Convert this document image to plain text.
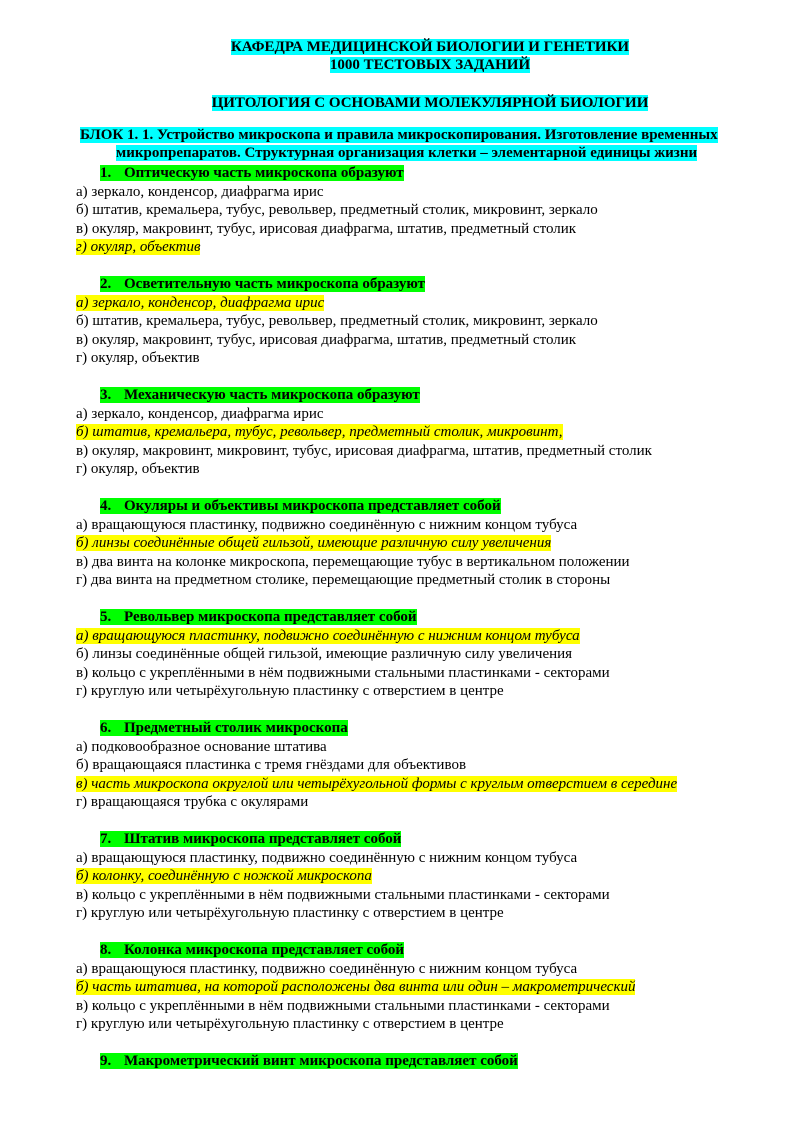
КАФЕДРА МЕДИЦИНСКОЙ БИОЛОГИИ И ГЕНЕТИКИ
1000 ТЕСТОВЫХ ЗАДАНИЙ
ЦИТОЛОГИЯ С ОСНОВАМИ МОЛЕКУЛЯРНОЙ БИОЛОГИИ
БЛОК 1. 1. Устройство микроскопа и правила микроскопирования. Изготовление временных
микропрепаратов. Структурная организация клетки – элементарной единицы жизни
1. Оптическую часть микроскопа образуют
а) зеркало, конденсор, диафрагма ирис
б) штатив, кремальера, тубус, револьвер, предметный столик, микровинт, зеркало
в) окуляр, макровинт, тубус, ирисовая диафрагма, штатив, предметный столик
г) окуляр, объектив
2. Осветительную часть микроскопа образуют
а) зеркало, конденсор, диафрагма ирис
б) штатив, кремальера, тубус, револьвер, предметный столик, микровинт, зеркало
в) окуляр, макровинт, тубус, ирисовая диафрагма, штатив, предметный столик
г) окуляр, объектив
3. Механическую часть микроскопа образуют
а) зеркало, конденсор, диафрагма ирис
б) штатив, кремальера, тубус, револьвер, предметный столик, микровинт,
в) окуляр, макровинт, микровинт, тубус, ирисовая диафрагма, штатив, предметный столик
г) окуляр, объектив
4. Окуляры и объективы микроскопа представляет собой
а) вращающуюся пластинку, подвижно соединённую с нижним концом тубуса
б) линзы соединённые общей гильзой, имеющие различную силу увеличения
в) два винта на колонке микроскопа, перемещающие тубус в вертикальном положении
г) два винта на предметном столике, перемещающие предметный столик в стороны
5. Револьвер микроскопа представляет собой
а) вращающуюся пластинку, подвижно соединённую с нижним концом тубуса
б) линзы соединённые общей гильзой, имеющие различную силу увеличения
в) кольцо с укреплёнными в нём подвижными стальными пластинками - секторами
г) круглую или четырёхугольную пластинку с отверстием в центре
6. Предметный столик микроскопа
а) подковообразное основание штатива
б) вращающаяся пластинка с тремя гнёздами для объективов
в) часть микроскопа округлой или четырёхугольной формы с круглым отверстием в середине
г) вращающаяся трубка с окулярами
7. Штатив микроскопа представляет собой
а) вращающуюся пластинку, подвижно соединённую с нижним концом тубуса
б) колонку, соединённую с ножкой микроскопа
в) кольцо с укреплёнными в нём подвижными стальными пластинками - секторами
г) круглую или четырёхугольную пластинку с отверстием в центре
8. Колонка микроскопа представляет собой
а) вращающуюся пластинку, подвижно соединённую с нижним концом тубуса
б) часть штатива, на которой расположены два винта или один – макрометрический
в) кольцо с укреплёнными в нём подвижными стальными пластинками - секторами
г) круглую или четырёхугольную пластинку с отверстием в центре
9. Макрометрический винт микроскопа представляет собой
